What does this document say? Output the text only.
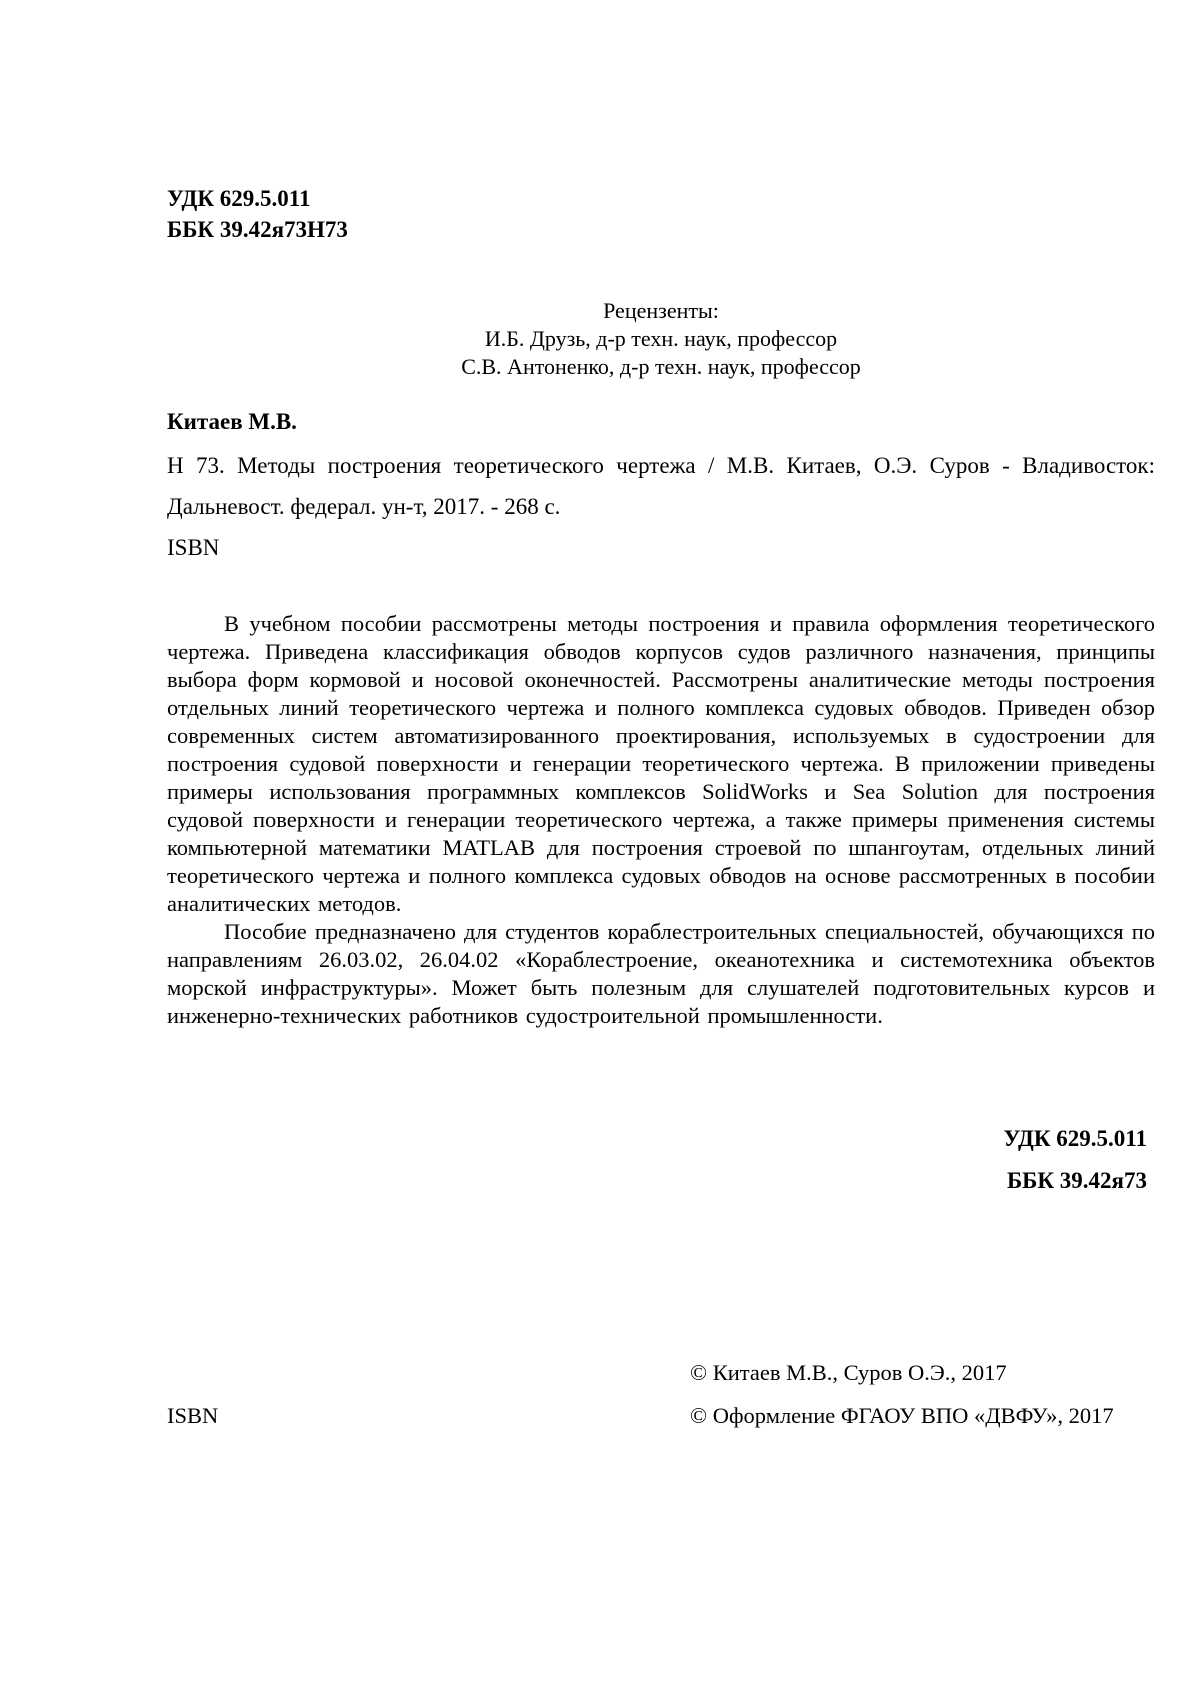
УДК 629.5.011
ББК 39.42я73Н73
Рецензенты:
И.Б. Друзь, д-р техн. наук, профессор
С.В. Антоненко, д-р техн. наук, профессор
Китаев М.В.
Н 73. Методы построения теоретического чертежа / М.В. Китаев, О.Э. Суров - Владивосток:
Дальневост. федерал. ун-т, 2017. - 268 с.
ISBN

В учебном пособии рассмотрены методы построения и правила оформления теоретического чертежа. Приведена классификация обводов корпусов судов различного назначения, принципы выбора форм кормовой и носовой оконечностей. Рассмотрены аналитические методы построения отдельных линий теоретического чертежа и полного комплекса судовых обводов. Приведен обзор современных систем автоматизированного проектирования, используемых в судостроении для построения судовой поверхности и генерации теоретического чертежа. В приложении приведены примеры использования программных комплексов SolidWorks и Sea Solution для построения судовой поверхности и генерации теоретического чертежа, а также примеры применения системы компьютерной математики MATLAB для построения строевой по шпангоутам, отдельных линий теоретического чертежа и полного комплекса судовых обводов на основе рассмотренных в пособии аналитических методов.

Пособие предназначено для студентов кораблестроительных специальностей, обучающихся по направлениям 26.03.02, 26.04.02 «Кораблестроение, океанотехника и системотехника объектов морской инфраструктуры». Может быть полезным для слушателей подготовительных курсов и инженерно-технических работников судостроительной промышленности.

УДК 629.5.011
ББК 39.42я73
© Китаев М.В., Суров О.Э., 2017
ISBN	© Оформление ФГАОУ ВПО «ДВФУ», 2017
